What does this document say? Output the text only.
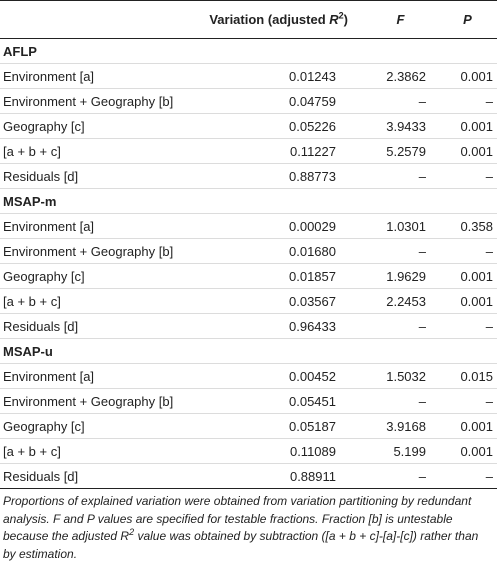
	Variation (adjusted $R^2$)	F	P
AFLP			
Environment [a]	0.01243	2.3862	0.001
Environment + Geography [b]	0.04759	–	–
Geography [c]	0.05226	3.9433	0.001
[a + b + c]	0.11227	5.2579	0.001
Residuals [d]	0.88773	–	–
MSAP-m			
Environment [a]	0.00029	1.0301	0.358
Environment + Geography [b]	0.01680	–	–
Geography [c]	0.01857	1.9629	0.001
[a + b + c]	0.03567	2.2453	0.001
Residuals [d]	0.96433	–	–
MSAP-u			
Environment [a]	0.00452	1.5032	0.015
Environment + Geography [b]	0.05451	–	–
Geography [c]	0.05187	3.9168	0.001
[a + b + c]	0.11089	5.199	0.001
Residuals [d]	0.88911	–	–
Proportions of explained variation were obtained from variation partitioning by redundant analysis. F and P values are specified for testable fractions. Fraction [b] is untestable because the adjusted $R^2$ value was obtained by subtraction ([a + b + c]-[a]-[c]) rather than by estimation.
